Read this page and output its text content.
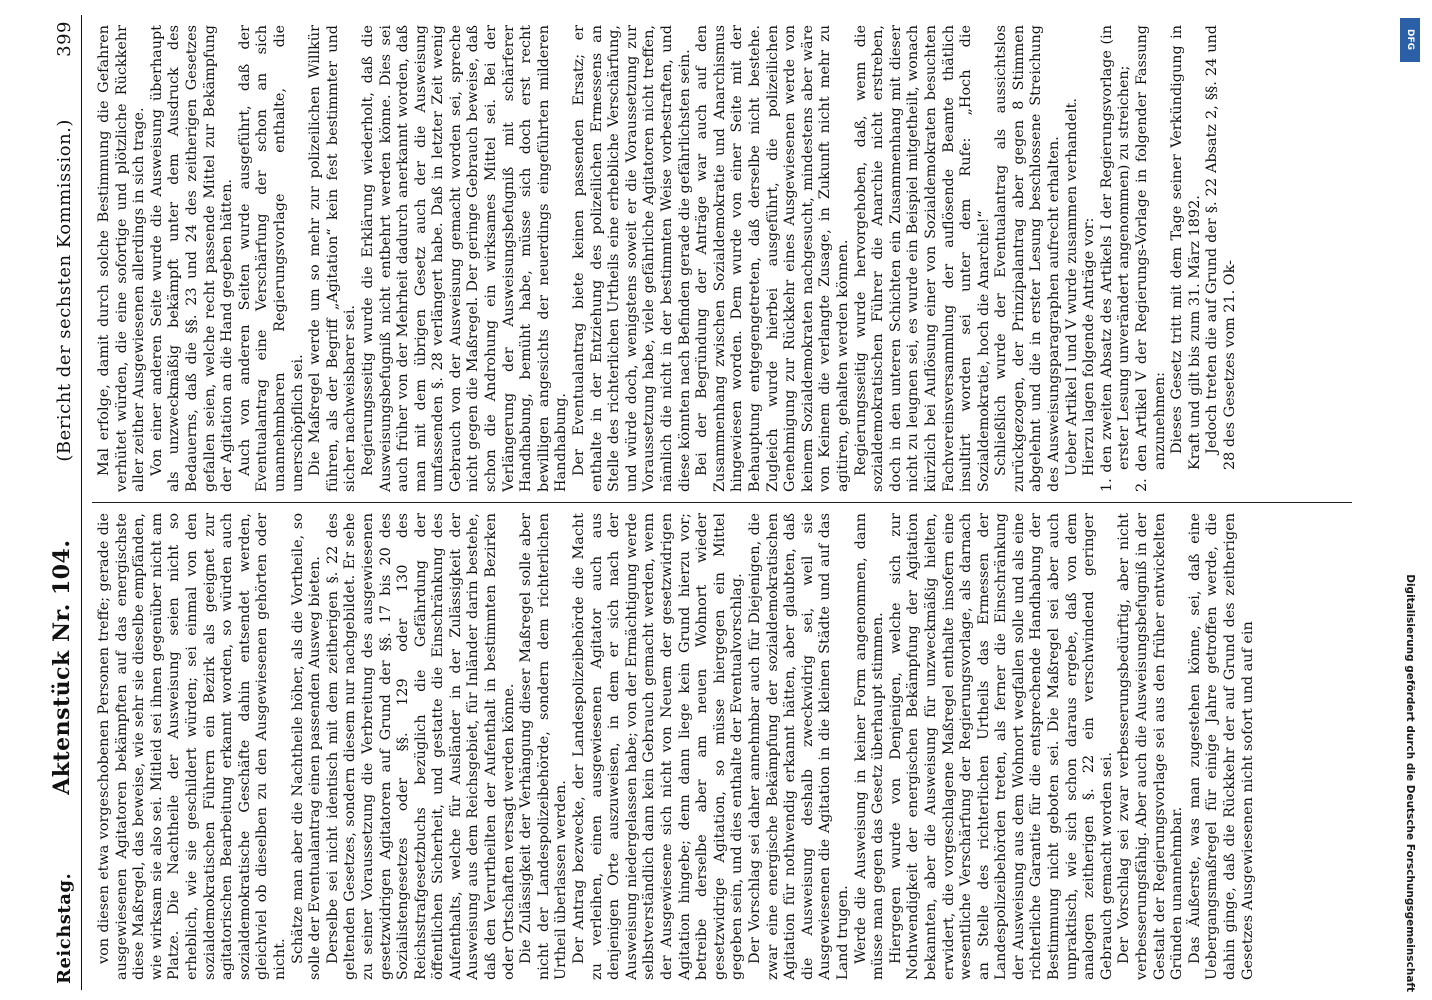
Reichstag.
Aktenstück Nr. 104.
(Bericht der sechsten Kommission.)          399

von diesen etwa vorgeschobenen Personen treffe; gerade die ausgewiesenen Agitatoren bekämpften auf das energischste diese Maßregel, das beweise, wie sehr sie dieselbe empfänden, wie wirksam sie also sei. Mitleid sei ihnen gegenüber nicht am Platze. Die Nachtheile der Ausweisung seien nicht so erheblich, wie sie geschildert würden; sei einmal von den sozialdemokratischen Führern ein Bezirk als geeignet zur agitatorischen Bearbeitung erkannt worden, so würden auch sozialdemokratische Geschäfte dahin entsendet werden, gleichviel ob dieselben zu den Ausgewiesenen gehörten oder nicht. Schätze man aber die Nachtheile höher, als die Vortheile, so solle der Eventualantrag einen passenden Ausweg bieten. Derselbe sei nicht identisch mit dem zeitherigen §. 22 des geltenden Gesetzes, sondern diesem nur nachgebildet. Er sehe zu seiner Voraussetzung die Verbreitung des ausgewiesenen gesetzwidrigen Agitatoren auf Grund der §§. 17 bis 20 des Sozialistengesetzes oder §§. 129 oder 130 des Reichsstrafgesetzbuchs bezüglich die Gefährdung der öffentlichen Sicherheit, und gestatte die Einschränkung des Aufenthalts, welche für Ausländer in der Zulässigkeit der Ausweisung aus dem Reichsgebiet, für Inländer darin bestehe, daß den Verurtheilten der Aufenthalt in bestimmten Bezirken oder Ortschaften versagt werden könne. Die Zulässigkeit der Verhängung dieser Maßregel solle aber nicht der Landespolizeibehörde, sondern dem richterlichen Urtheil überlassen werden. Der Antrag bezwecke, der Landespolizeibehörde die Macht zu verleihen, einen ausgewiesenen Agitator auch aus denjenigen Orte auszuweisen, in dem er sich nach der Ausweisung niedergelassen habe; von der Ermächtigung werde selbstverständlich dann kein Gebrauch gemacht werden, wenn der Ausgewiesene sich nicht von Neuem der gesetzwidrigen Agitation hingebe; denn dann liege kein Grund hierzu vor; betreibe derselbe aber am neuen Wohnort wieder gesetzwidrige Agitation, so müsse hiergegen ein Mittel gegeben sein, und dies enthalte der Eventualvorschlag. Der Vorschlag sei daher annehmbar auch für Diejenigen, die zwar eine energische Bekämpfung der sozialdemokratischen Agitation für nothwendig erkannt hätten, aber glaubten, daß die Ausweisung deshalb zweckwidrig sei, weil sie Ausgewiesenen die Agitation in die kleinen Städte und auf das Land trugen. Werde die Ausweisung in keiner Form angenommen, dann müsse man gegen das Gesetz überhaupt stimmen. Hiergegen wurde von Denjenigen, welche sich zur Nothwendigkeit der energischen Bekämpfung der Agitation bekannten, aber die Ausweisung für unzweckmäßig hielten, erwidert, die vorgeschlagene Maßregel enthalte insofern eine wesentliche Verschärfung der Regierungsvorlage, als darnach an Stelle des richterlichen Urtheils das Ermessen der Landespolizeibehörden treten, als ferner die Einschränkung der Ausweisung aus dem Wohnort wegfallen solle und als eine richterliche Garantie für die entsprechende Handhabung der Bestimmung nicht geboten sei. Die Maßregel sei aber auch unpraktisch, wie sich schon daraus ergebe, daß von dem analogen zeitherigen §. 22 ein verschwindend geringer Gebrauch gemacht worden sei. Der Vorschlag sei zwar verbesserungsbedürftig, aber nicht verbesserungsfähig. Aber auch die Ausweisungsbefugniß in der Gestalt der Regierungsvorlage sei aus den früher entwickelten Gründen unannehmbar. Das Äußerste, was man zugestehen könne, sei, daß eine Uebergangsmaßregel für einige Jahre getroffen werde, die dahin ginge, daß die Rückkehr der auf Grund des zeitherigen Gesetzes Ausgewiesenen nicht sofort und auf ein

Mal erfolge, damit durch solche Bestimmung die Gefahren verhütet würden, die eine sofortige und plötzliche Rückkehr aller zeither Ausgewiesenen allerdings in sich trage. Von einer anderen Seite wurde die Ausweisung überhaupt als unzweckmäßig bekämpft unter dem Ausdruck des Bedauerns, daß die §§. 23 und 24 des zeitherigen Gesetzes gefallen seien, welche recht passende Mittel zur Bekämpfung der Agitation an die Hand gegeben hätten. Auch von anderen Seiten wurde ausgeführt, daß der Eventualantrag eine Verschärfung der schon an sich unannehmbaren Regierungsvorlage enthalte, die unerschöpflich sei. Die Maßregel werde um so mehr zur polizeilichen Willkür führen, als der Begriff „Agitation“ kein fest bestimmter und sicher nachweisbarer sei. Regierungsseitig wurde die Erklärung wiederholt, daß die Ausweisungsbefugniß nicht entbehrt werden könne. Dies sei auch früher von der Mehrheit dadurch anerkannt worden, daß man mit dem übrigen Gesetz auch der die Ausweisung umfassenden §. 28 verlängert habe. Daß in letzter Zeit wenig Gebrauch von der Ausweisung gemacht worden sei, spreche nicht gegen die Maßregel. Der geringe Gebrauch beweise, daß schon die Androhung ein wirksames Mittel sei. Bei der Verlängerung der Ausweisungsbefugniß mit schärferer Handhabung, bemüht habe, müsse sich doch erst recht bewilligen angesichts der neuerdings eingeführten milderen Handhabung. Der Eventualantrag biete keinen passenden Ersatz; er enthalte in der Entziehung des polizeilichen Ermessens an Stelle des richterlichen Urtheils eine erhebliche Verschärfung, und würde doch, wenigstens soweit er die Voraussetzung zur Voraussetzung habe, viele gefährliche Agitatoren nicht treffen, nämlich die nicht in der bestimmten Weise vorbestraften, und diese könnten nach Befinden gerade die gefährlichsten sein. Bei der Begründung der Anträge war auch auf den Zusammenhang zwischen Sozialdemokratie und Anarchismus hingewiesen worden. Dem wurde von einer Seite mit der Behauptung entgegengetreten, daß derselbe nicht bestehe. Zugleich wurde hierbei ausgeführt, die polizeilichen Genehmigung zur Rückkehr eines Ausgewiesenen werde von keinem Sozialdemokraten nachgesucht, mindestens aber wäre von Keinem die verlangte Zusage, in Zukunft nicht mehr zu agitiren, gehalten werden können. Regierungsseitig wurde hervorgehoben, daß, wenn die sozialdemokratischen Führer die Anarchie nicht erstreben, doch in den unteren Schichten ein Zusammenhang mit dieser nicht zu leugnen sei, es wurde ein Beispiel mitgetheilt, wonach kürzlich bei Auflösung einer von Sozialdemokraten besuchten Fachvereinsversammlung der auflösende Beamte thätlich insultirt worden sei unter dem Rufe: „Hoch die Sozialdemokratie, hoch die Anarchie!“ Schließlich wurde der Eventualantrag als aussichtslos zurückgezogen, der Prinzipalantrag aber gegen 8 Stimmen abgelehnt und die in erster Lesung beschlossene Streichung des Ausweisungsparagraphen aufrecht erhalten. Ueber Artikel I und V wurde zusammen verhandelt. Hierzu lagen folgende Anträge vor: 1. den zweiten Absatz des Artikels I der Regierungsvorlage (in erster Lesung unverändert angenommen) zu streichen; 2. den Artikel V der Regierungs-Vorlage in folgender Fassung anzunehmen: Dieses Gesetz tritt mit dem Tage seiner Verkündigung in Kraft und gilt bis zum 31. März 1892. Jedoch treten die auf Grund der §. 22 Absatz 2, §§. 24 und 28 des Gesetzes vom 21. Ok-

Digitalisierung gefördert durch die Deutsche Forschungsgemeinschaft
DFG
